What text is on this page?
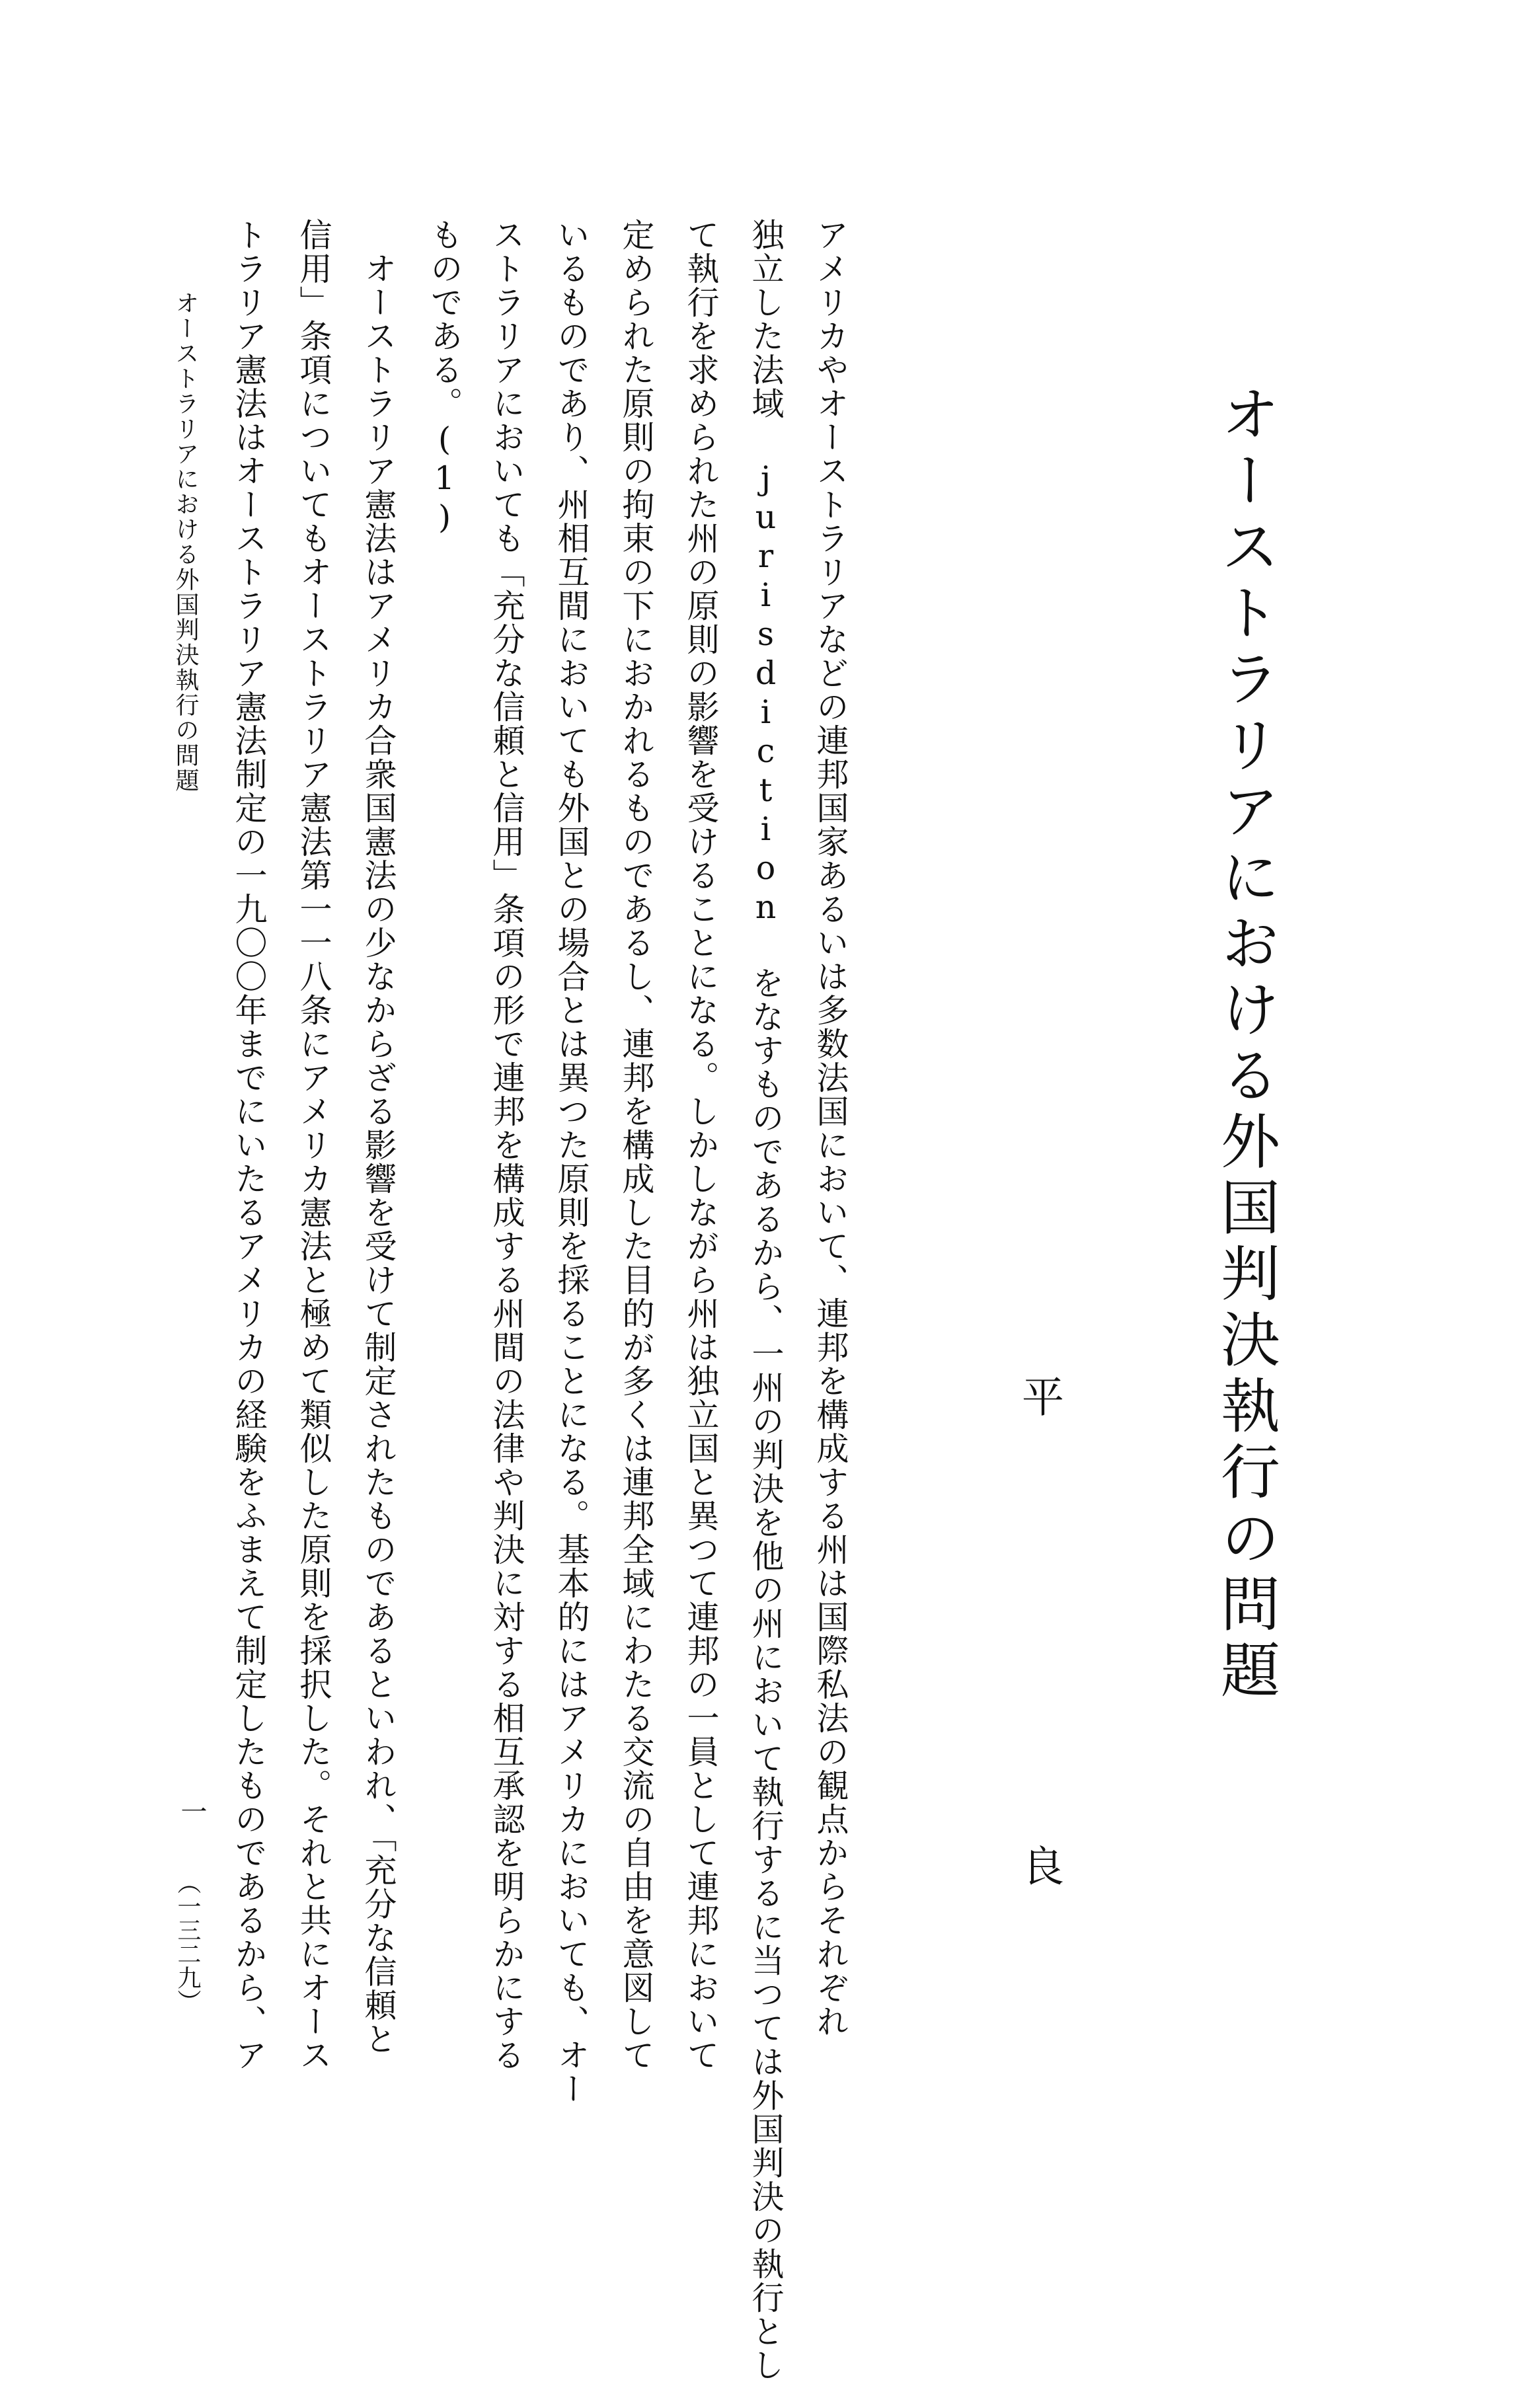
オーストラリアにおける外国判決執行の問題
平
良
アメリカやオーストラリアなどの連邦国家あるいは多数法国において、連邦を構成する州は国際私法の観点からそれぞれ
独立した法域 jurisdiction をなすものであるから、一州の判決を他の州において執行するに当つては外国判決の執行とし
て執行を求められた州の原則の影響を受けることになる。しかしながら州は独立国と異つて連邦の一員として連邦において
定められた原則の拘束の下におかれるものであるし、連邦を構成した目的が多くは連邦全域にわたる交流の自由を意図して
いるものであり、州相互間においても外国との場合とは異つた原則を採ることになる。基本的にはアメリカにおいても、オー
ストラリアにおいても「充分な信頼と信用」条項の形で連邦を構成する州間の法律や判決に対する相互承認を明らかにする
ものである。(1)
　オーストラリア憲法はアメリカ合衆国憲法の少なからざる影響を受けて制定されたものであるといわれ、「充分な信頼と
信用」条項についてもオーストラリア憲法第一一八条にアメリカ憲法と極めて類似した原則を採択した。それと共にオース
トラリア憲法はオーストラリア憲法制定の一九〇〇年までにいたるアメリカの経験をふまえて制定したものであるから、ア
オーストラリアにおける外国判決執行の問題
一
（一三二九）
